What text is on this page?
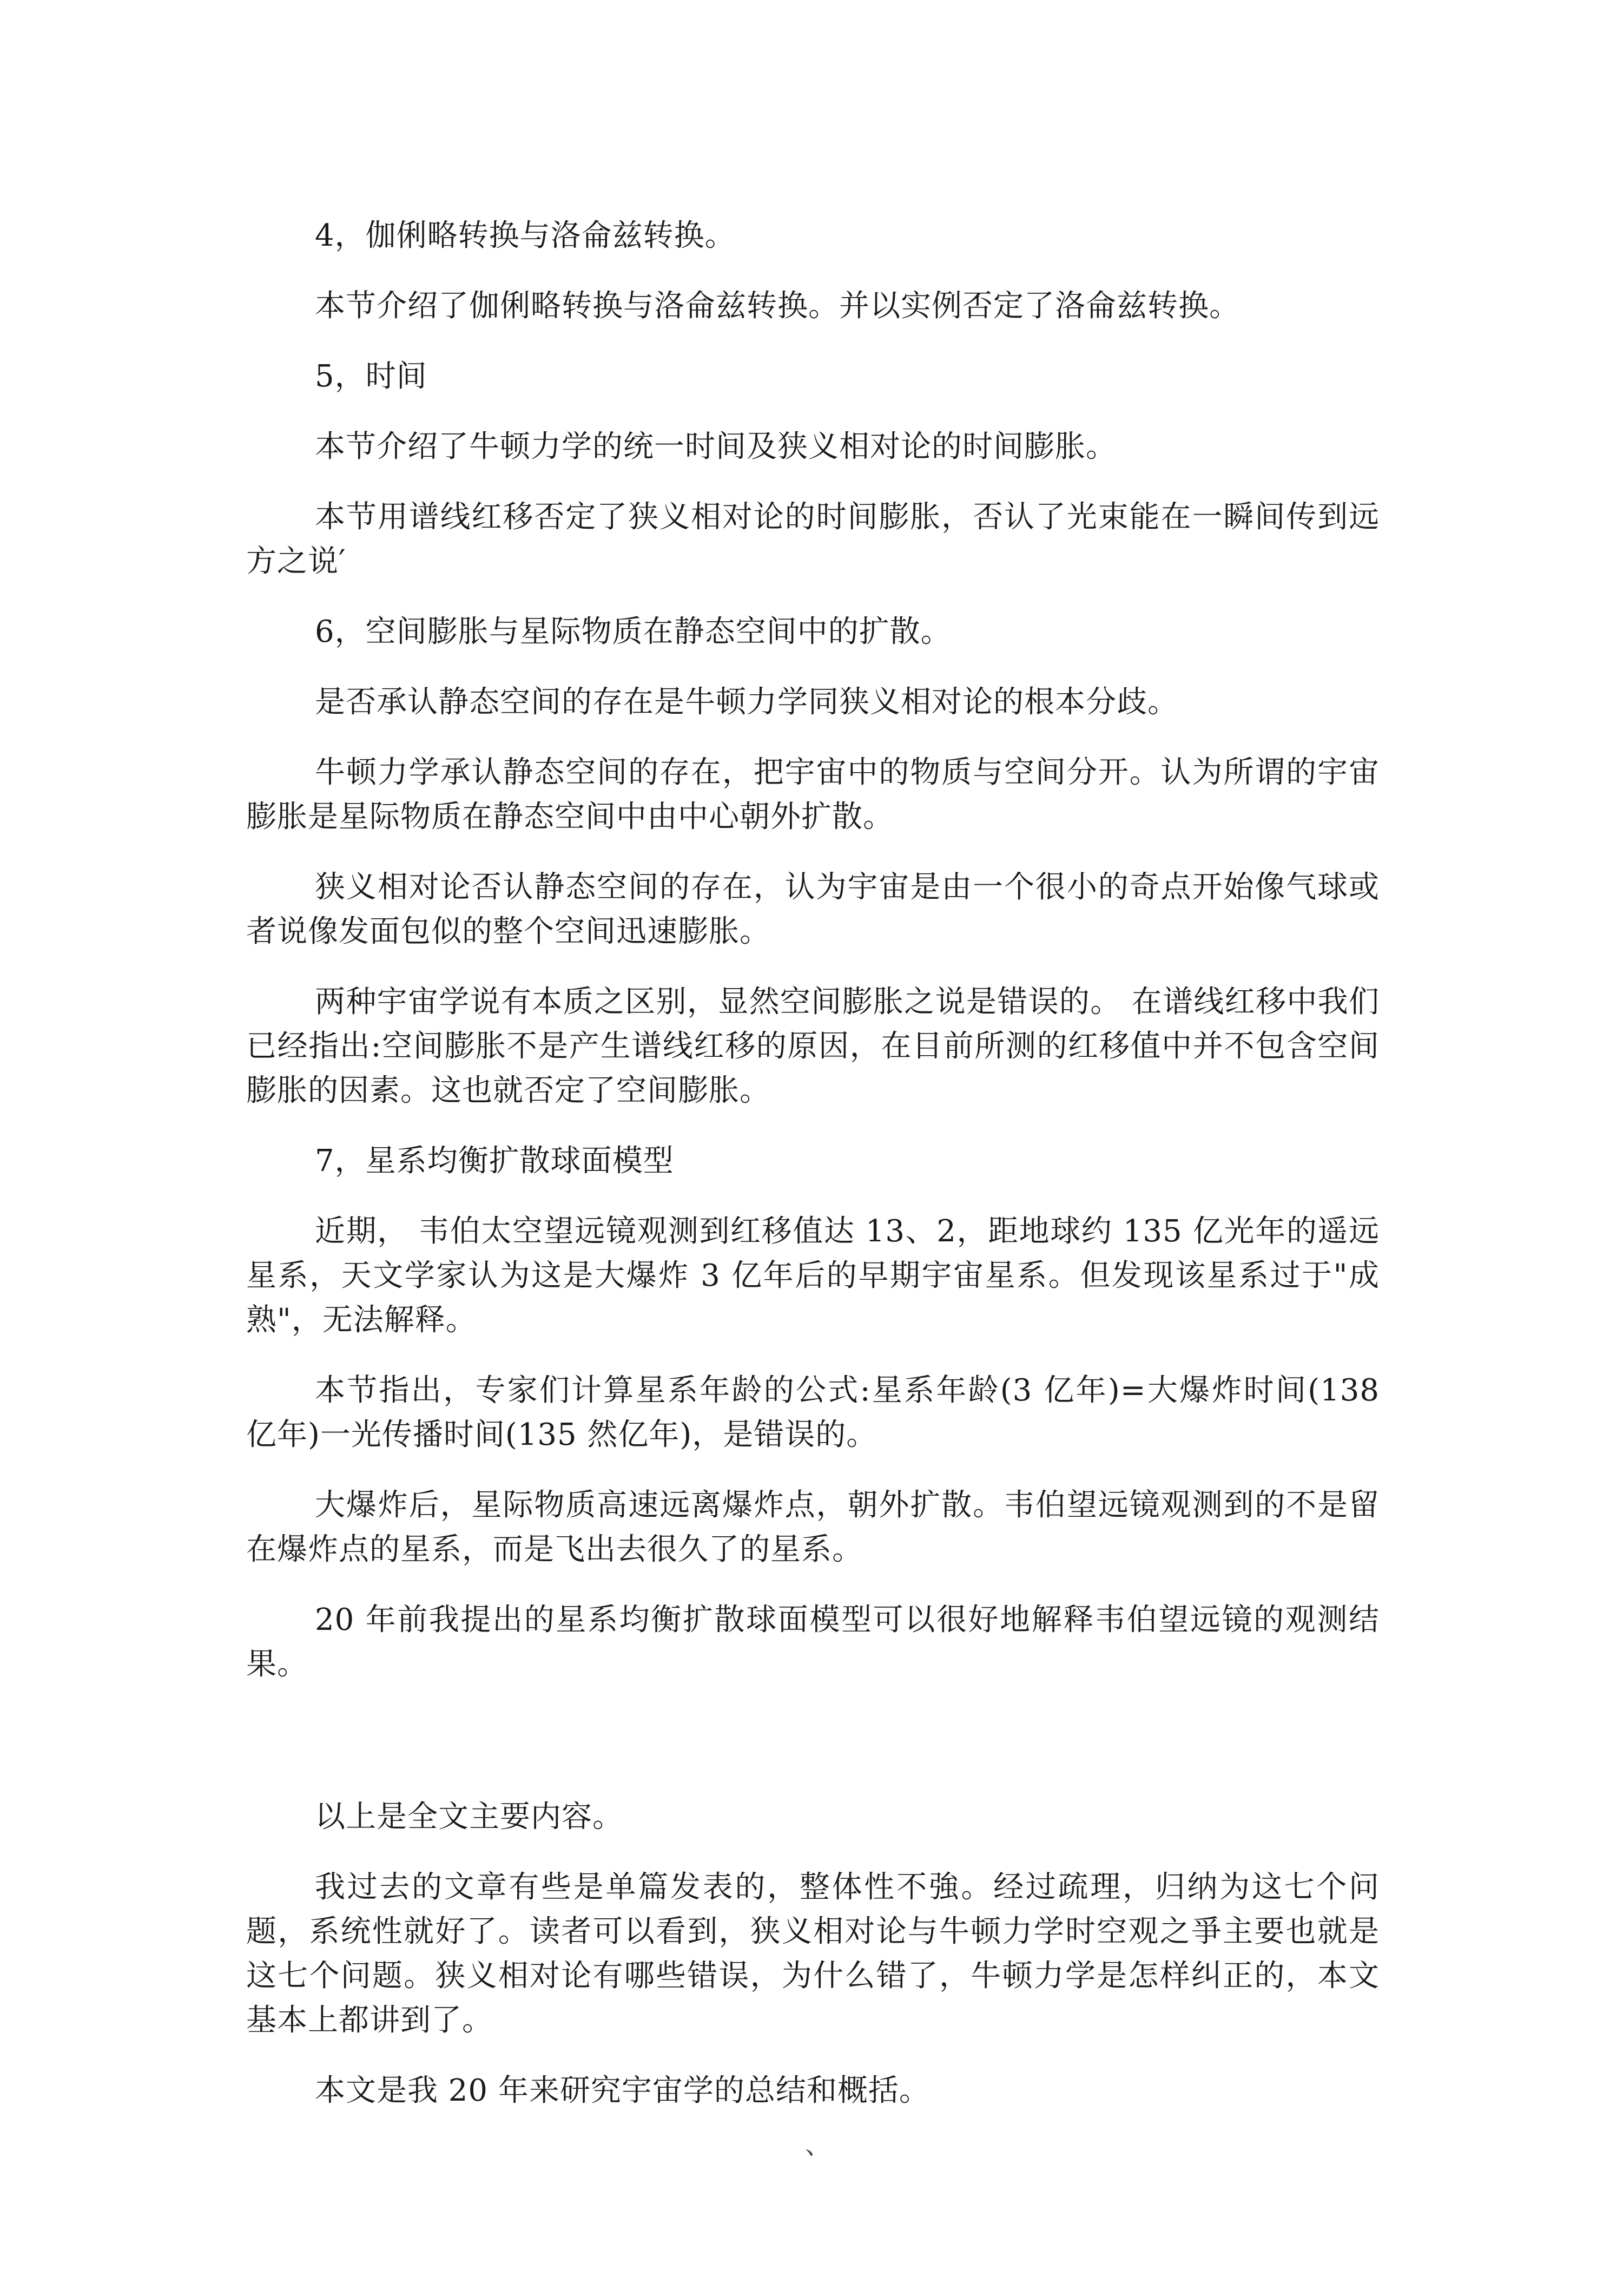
4，伽俐略转换与洛侖兹转换。

本节介绍了伽俐略转换与洛侖兹转换。并以实例否定了洛侖兹转换。

5，时间

本节介绍了牛顿力学的统一时间及狭义相对论的时间膨胀。

本节用谱线红移否定了狭义相对论的时间膨胀，否认了光束能在一瞬间传到远方之说′

6，空间膨胀与星际物质在静态空间中的扩散。

是否承认静态空间的存在是牛顿力学同狭义相对论的根本分歧。

牛顿力学承认静态空间的存在，把宇宙中的物质与空间分开。认为所谓的宇宙膨胀是星际物质在静态空间中由中心朝外扩散。

狭义相对论否认静态空间的存在，认为宇宙是由一个很小的奇点开始像气球或者说像发面包似的整个空间迅速膨胀。

两种宇宙学说有本质之区别，显然空间膨胀之说是错误的。 在谱线红移中我们已经指出:空间膨胀不是产生谱线红移的原因，在目前所测的红移值中并不包含空间膨胀的因素。这也就否定了空间膨胀。

7，星系均衡扩散球面模型

近期， 韦伯太空望远镜观测到红移值达 13、2，距地球约 135 亿光年的遥远星系，天文学家认为这是大爆炸 3 亿年后的早期宇宙星系。但发现该星系过于"成熟"，无法解释。

本节指出，专家们计算星系年龄的公式:星系年龄(3 亿年)=大爆炸时间(138 亿年)一光传播时间(135 然亿年)，是错误的。

大爆炸后，星际物质高速远离爆炸点，朝外扩散。韦伯望远镜观测到的不是留在爆炸点的星系，而是飞出去很久了的星系。

20 年前我提出的星系均衡扩散球面模型可以很好地解释韦伯望远镜的观测结果。

以上是全文主要内容。

我过去的文章有些是单篇发表的，整体性不強。经过疏理，归纳为这七个问题，系统性就好了。读者可以看到，狭义相对论与牛顿力学时空观之爭主要也就是这七个问题。狭义相对论有哪些错误，为什么错了，牛顿力学是怎样纠正的，本文基本上都讲到了。

本文是我 20 年来研究宇宙学的总结和概括。

、
